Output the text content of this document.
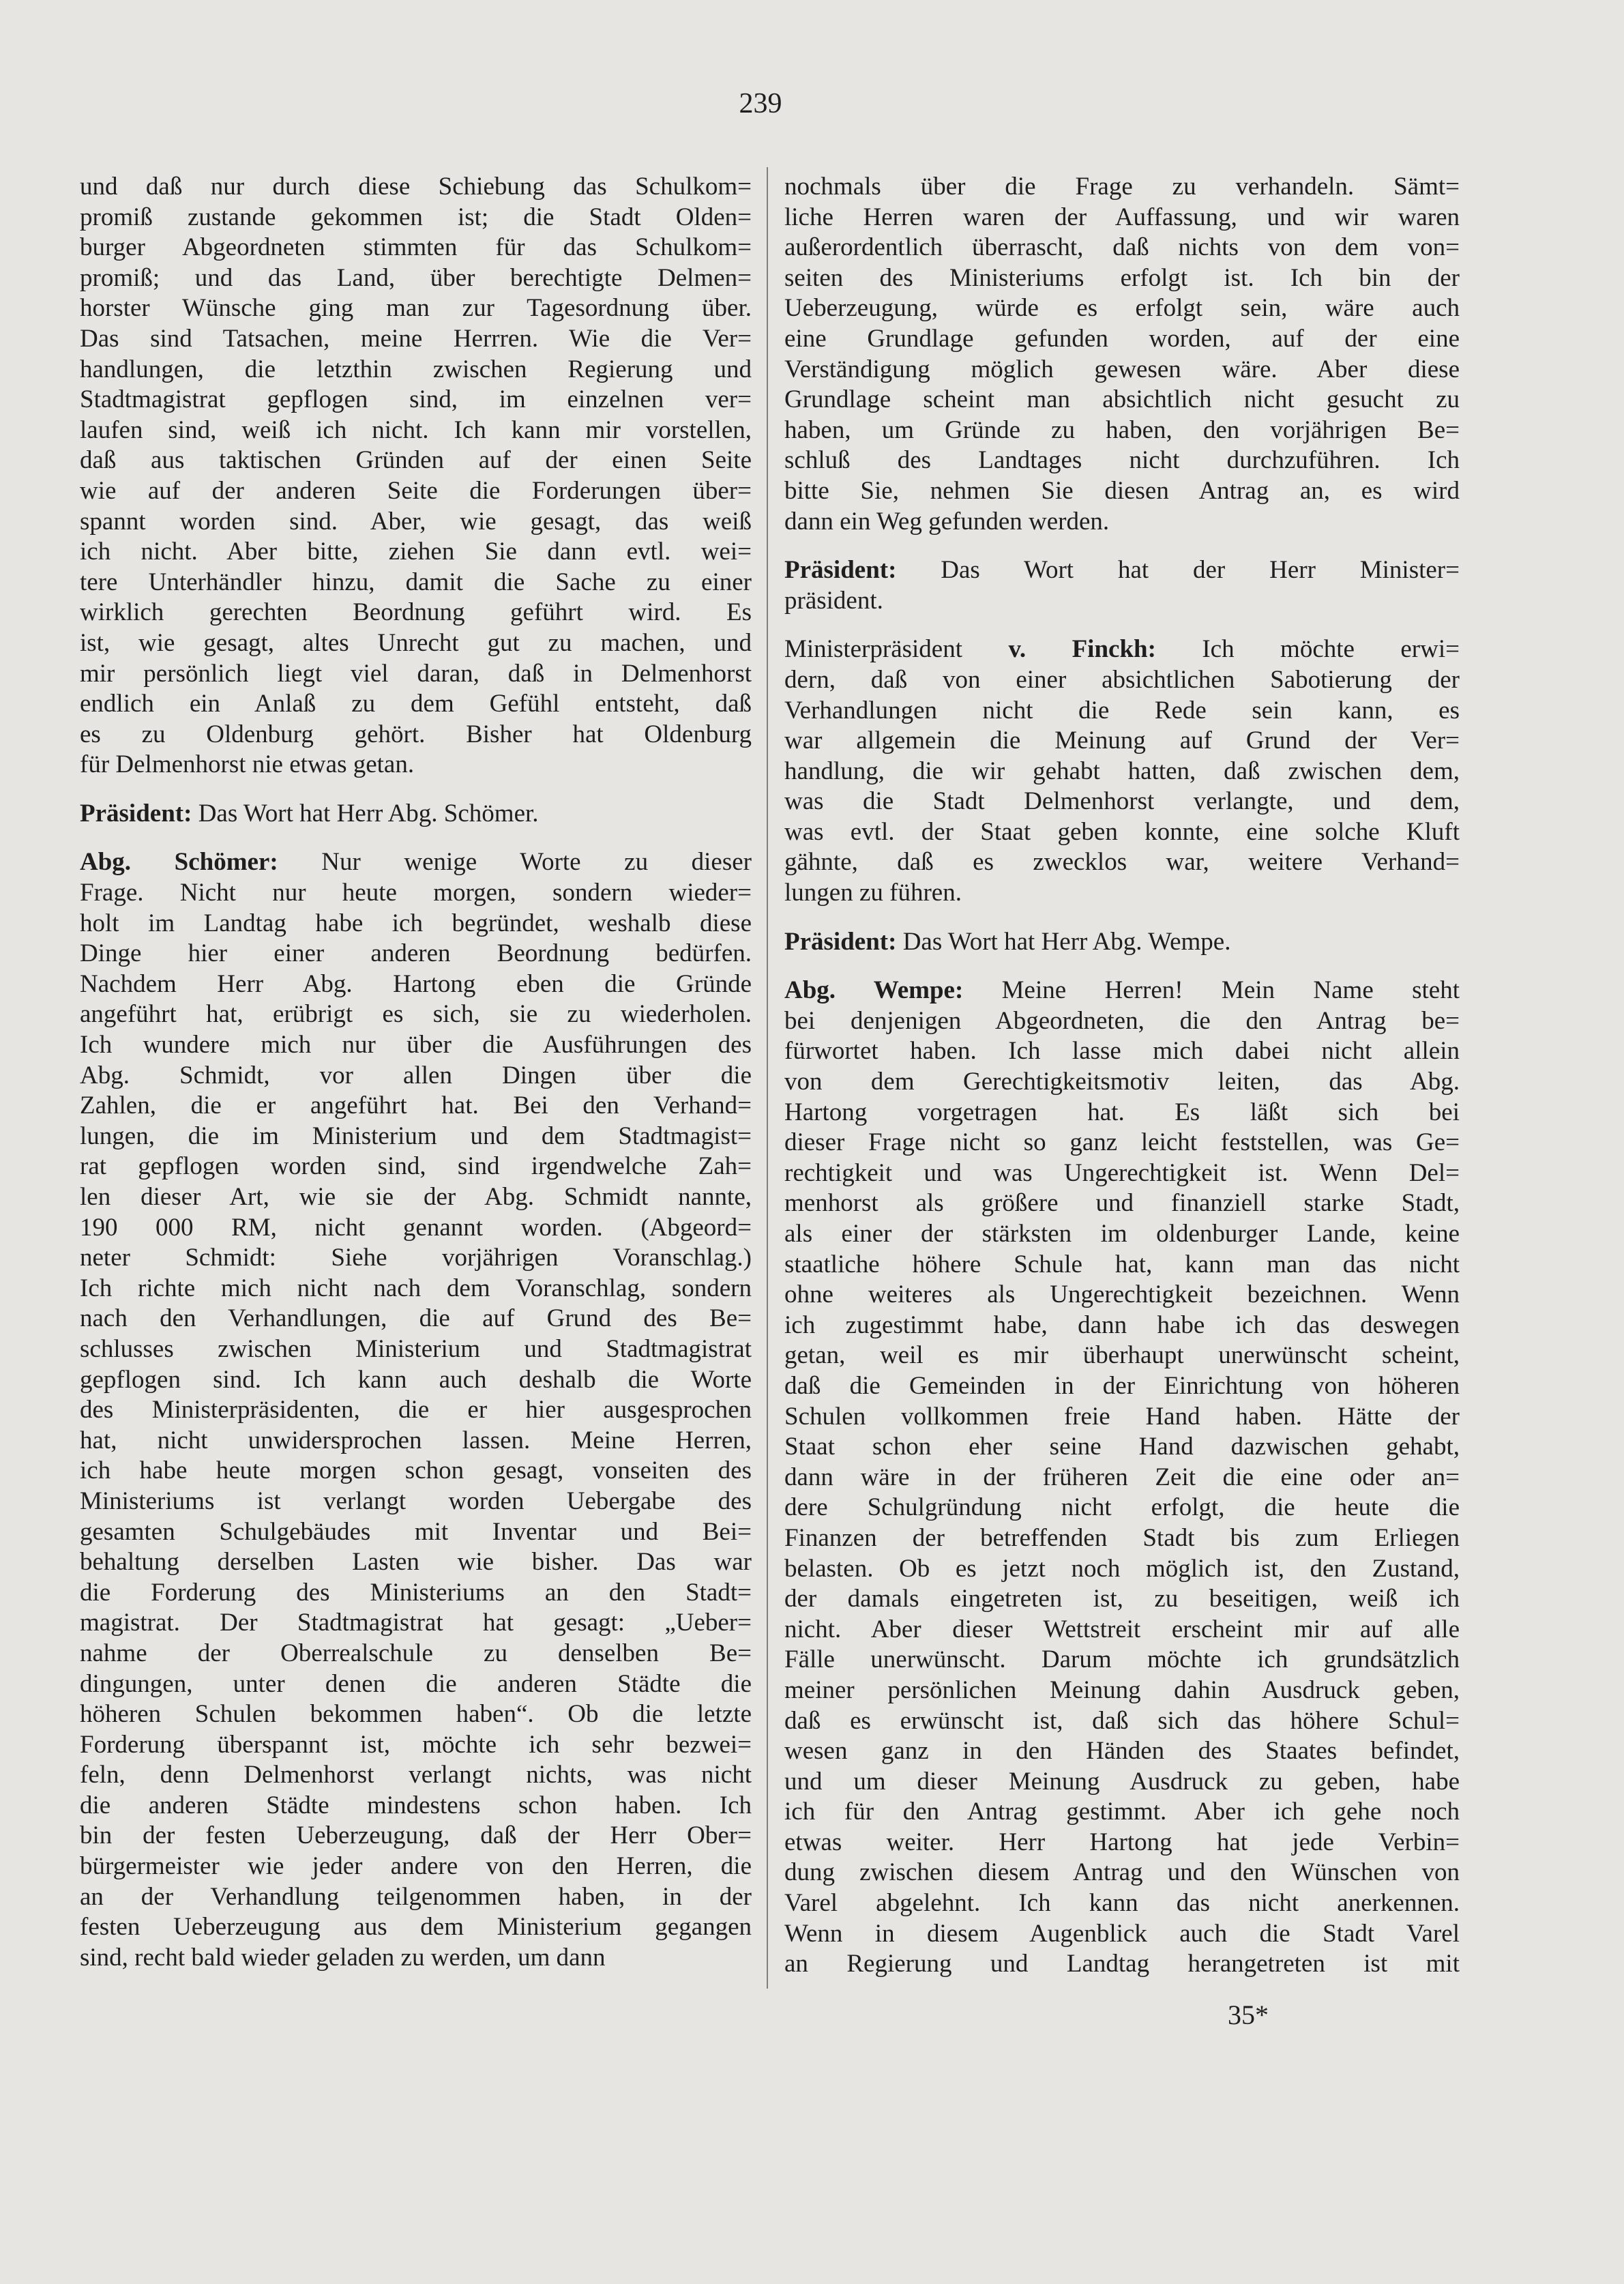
239
und daß nur durch diese Schiebung das Schulkom=
promiß zustande gekommen ist; die Stadt Olden=
burger Abgeordneten stimmten für das Schulkom=
promiß; und das Land, über berechtigte Delmen=
horster Wünsche ging man zur Tagesordnung über.
Das sind Tatsachen, meine Herrren. Wie die Ver=
handlungen, die letzthin zwischen Regierung und
Stadtmagistrat gepflogen sind, im einzelnen ver=
laufen sind, weiß ich nicht. Ich kann mir vorstellen,
daß aus taktischen Gründen auf der einen Seite
wie auf der anderen Seite die Forderungen über=
spannt worden sind. Aber, wie gesagt, das weiß
ich nicht. Aber bitte, ziehen Sie dann evtl. wei=
tere Unterhändler hinzu, damit die Sache zu einer
wirklich gerechten Beordnung geführt wird. Es
ist, wie gesagt, altes Unrecht gut zu machen, und
mir persönlich liegt viel daran, daß in Delmenhorst
endlich ein Anlaß zu dem Gefühl entsteht, daß
es zu Oldenburg gehört. Bisher hat Oldenburg
für Delmenhorst nie etwas getan.
Präsident: Das Wort hat Herr Abg. Schömer.
Abg. Schömer: Nur wenige Worte zu dieser
Frage. Nicht nur heute morgen, sondern wieder=
holt im Landtag habe ich begründet, weshalb diese
Dinge hier einer anderen Beordnung bedürfen.
Nachdem Herr Abg. Hartong eben die Gründe
angeführt hat, erübrigt es sich, sie zu wiederholen.
Ich wundere mich nur über die Ausführungen des
Abg. Schmidt, vor allen Dingen über die
Zahlen, die er angeführt hat. Bei den Verhand=
lungen, die im Ministerium und dem Stadtmagist=
rat gepflogen worden sind, sind irgendwelche Zah=
len dieser Art, wie sie der Abg. Schmidt nannte,
190 000 RM, nicht genannt worden. (Abgeord=
neter Schmidt: Siehe vorjährigen Voranschlag.)
Ich richte mich nicht nach dem Voranschlag, sondern
nach den Verhandlungen, die auf Grund des Be=
schlusses zwischen Ministerium und Stadtmagistrat
gepflogen sind. Ich kann auch deshalb die Worte
des Ministerpräsidenten, die er hier ausgesprochen
hat, nicht unwidersprochen lassen. Meine Herren,
ich habe heute morgen schon gesagt, vonseiten des
Ministeriums ist verlangt worden Uebergabe des
gesamten Schulgebäudes mit Inventar und Bei=
behaltung derselben Lasten wie bisher. Das war
die Forderung des Ministeriums an den Stadt=
magistrat. Der Stadtmagistrat hat gesagt: „Ueber=
nahme der Oberrealschule zu denselben Be=
dingungen, unter denen die anderen Städte die
höheren Schulen bekommen haben“. Ob die letzte
Forderung überspannt ist, möchte ich sehr bezwei=
feln, denn Delmenhorst verlangt nichts, was nicht
die anderen Städte mindestens schon haben. Ich
bin der festen Ueberzeugung, daß der Herr Ober=
bürgermeister wie jeder andere von den Herren, die
an der Verhandlung teilgenommen haben, in der
festen Ueberzeugung aus dem Ministerium gegangen
sind, recht bald wieder geladen zu werden, um dann
nochmals über die Frage zu verhandeln. Sämt=
liche Herren waren der Auffassung, und wir waren
außerordentlich überrascht, daß nichts von dem von=
seiten des Ministeriums erfolgt ist. Ich bin der
Ueberzeugung, würde es erfolgt sein, wäre auch
eine Grundlage gefunden worden, auf der eine
Verständigung möglich gewesen wäre. Aber diese
Grundlage scheint man absichtlich nicht gesucht zu
haben, um Gründe zu haben, den vorjährigen Be=
schluß des Landtages nicht durchzuführen. Ich
bitte Sie, nehmen Sie diesen Antrag an, es wird
dann ein Weg gefunden werden.
Präsident: Das Wort hat der Herr Minister=
präsident.
Ministerpräsident v. Finckh: Ich möchte erwi=
dern, daß von einer absichtlichen Sabotierung der
Verhandlungen nicht die Rede sein kann, es
war allgemein die Meinung auf Grund der Ver=
handlung, die wir gehabt hatten, daß zwischen dem,
was die Stadt Delmenhorst verlangte, und dem,
was evtl. der Staat geben konnte, eine solche Kluft
gähnte, daß es zwecklos war, weitere Verhand=
lungen zu führen.
Präsident: Das Wort hat Herr Abg. Wempe.
Abg. Wempe: Meine Herren! Mein Name steht
bei denjenigen Abgeordneten, die den Antrag be=
fürwortet haben. Ich lasse mich dabei nicht allein
von dem Gerechtigkeitsmotiv leiten, das Abg.
Hartong vorgetragen hat. Es läßt sich bei
dieser Frage nicht so ganz leicht feststellen, was Ge=
rechtigkeit und was Ungerechtigkeit ist. Wenn Del=
menhorst als größere und finanziell starke Stadt,
als einer der stärksten im oldenburger Lande, keine
staatliche höhere Schule hat, kann man das nicht
ohne weiteres als Ungerechtigkeit bezeichnen. Wenn
ich zugestimmt habe, dann habe ich das deswegen
getan, weil es mir überhaupt unerwünscht scheint,
daß die Gemeinden in der Einrichtung von höheren
Schulen vollkommen freie Hand haben. Hätte der
Staat schon eher seine Hand dazwischen gehabt,
dann wäre in der früheren Zeit die eine oder an=
dere Schulgründung nicht erfolgt, die heute die
Finanzen der betreffenden Stadt bis zum Erliegen
belasten. Ob es jetzt noch möglich ist, den Zustand,
der damals eingetreten ist, zu beseitigen, weiß ich
nicht. Aber dieser Wettstreit erscheint mir auf alle
Fälle unerwünscht. Darum möchte ich grundsätzlich
meiner persönlichen Meinung dahin Ausdruck geben,
daß es erwünscht ist, daß sich das höhere Schul=
wesen ganz in den Händen des Staates befindet,
und um dieser Meinung Ausdruck zu geben, habe
ich für den Antrag gestimmt. Aber ich gehe noch
etwas weiter. Herr Hartong hat jede Verbin=
dung zwischen diesem Antrag und den Wünschen von
Varel abgelehnt. Ich kann das nicht anerkennen.
Wenn in diesem Augenblick auch die Stadt Varel
an Regierung und Landtag herangetreten ist mit
35*
